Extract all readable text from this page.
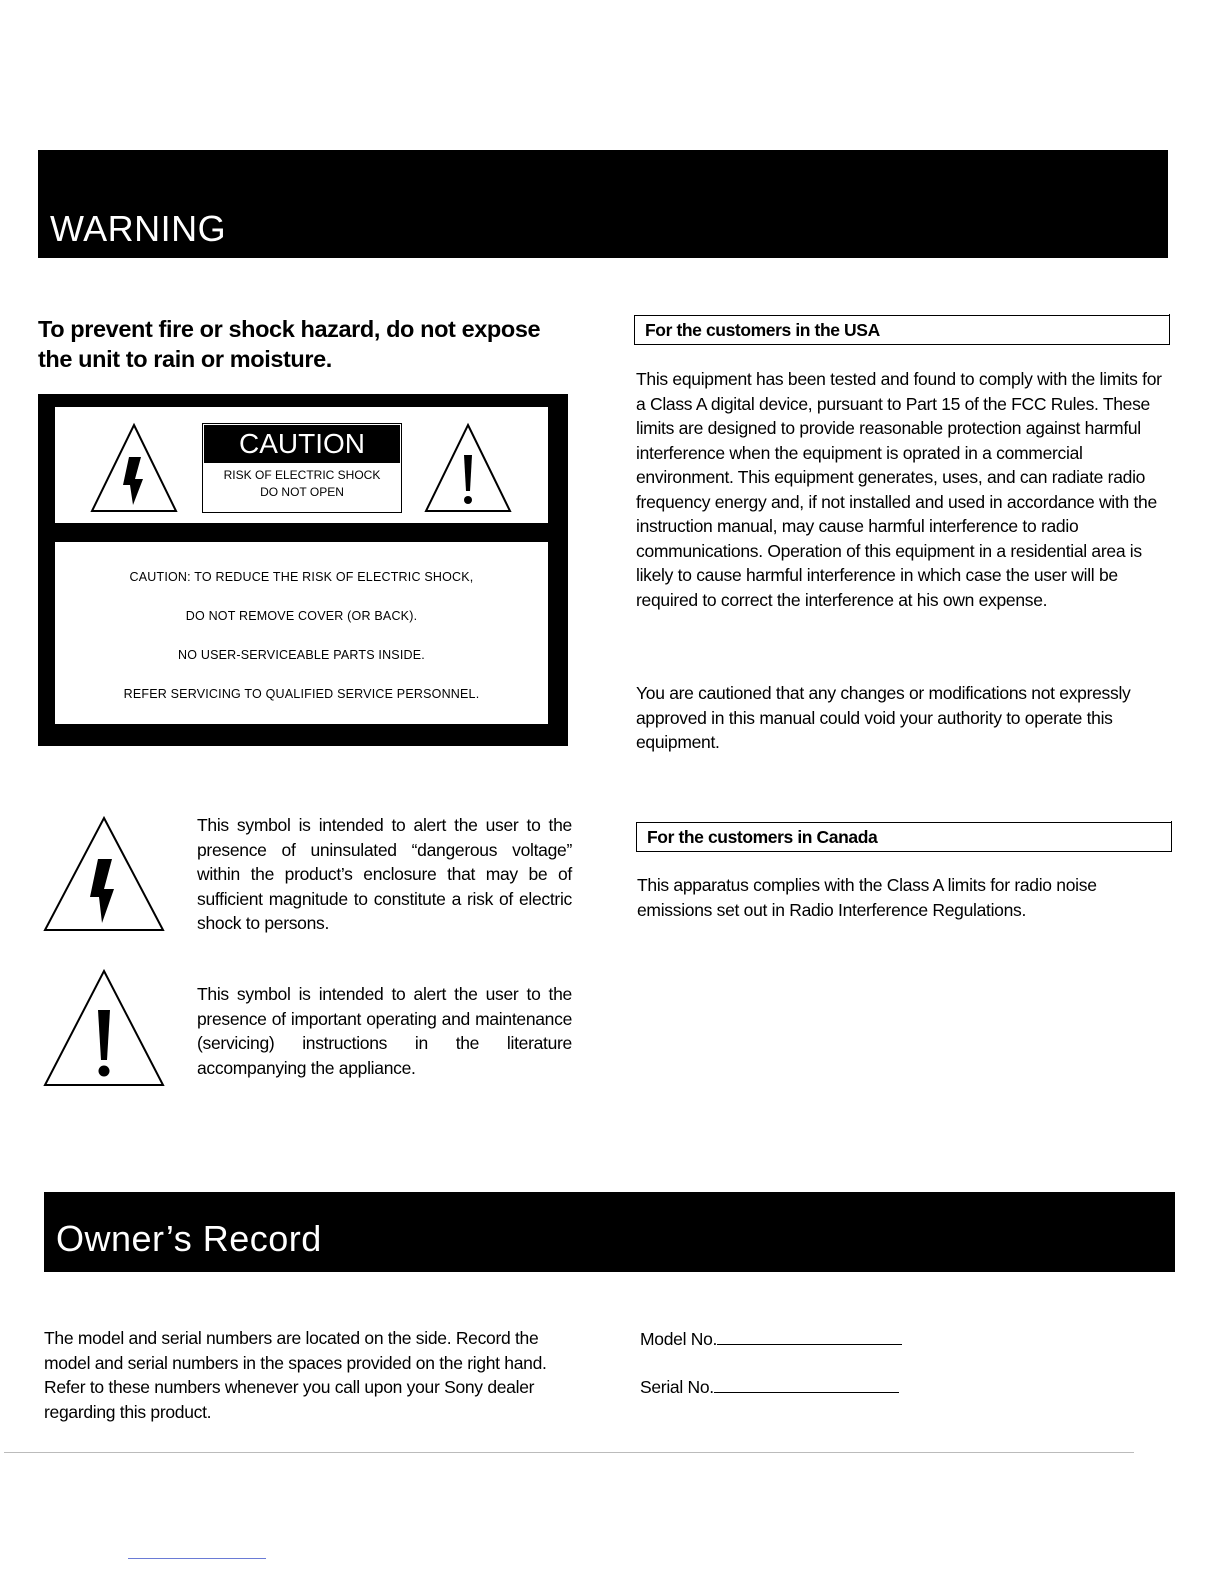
WARNING
To prevent fire or shock hazard, do not expose
the unit to rain or moisture.
CAUTION
RISK OF ELECTRIC SHOCK
DO NOT OPEN
CAUTION: TO REDUCE THE RISK OF ELECTRIC SHOCK,
DO NOT REMOVE COVER (OR BACK).
NO USER-SERVICEABLE PARTS INSIDE.
REFER SERVICING TO QUALIFIED SERVICE PERSONNEL.
This symbol is intended to alert the user to the presence of uninsulated “dangerous voltage” within the product’s enclosure that may be of sufficient magnitude to constitute a risk of electric shock to persons.
This symbol is intended to alert the user to the presence of important operating and maintenance (servicing) instructions in the literature accompanying the appliance.
For the customers in the USA
This equipment has been tested and found to comply with the limits for a Class A digital device, pursuant to Part 15 of the FCC Rules. These limits are designed to provide reasonable protection against harmful interference when the equipment is oprated in a commercial environment. This equipment generates, uses, and can radiate radio frequency energy and, if not installed and used in accordance with the instruction manual, may cause harmful interference to radio communications. Operation of this equipment in a residential area is likely to cause harmful interference in which case the user will be required to correct the interference at his own expense.
You are cautioned that any changes or modifications not expressly approved in this manual could void your authority to operate this equipment.
For the customers in Canada
This apparatus complies with the Class A limits for radio noise emissions set out in Radio Interference Regulations.
Owner’s Record
The model and serial numbers are located on the side. Record the model and serial numbers in the spaces provided on the right hand. Refer to these numbers whenever you call upon your Sony dealer regarding this product.
Model No.
Serial No.
